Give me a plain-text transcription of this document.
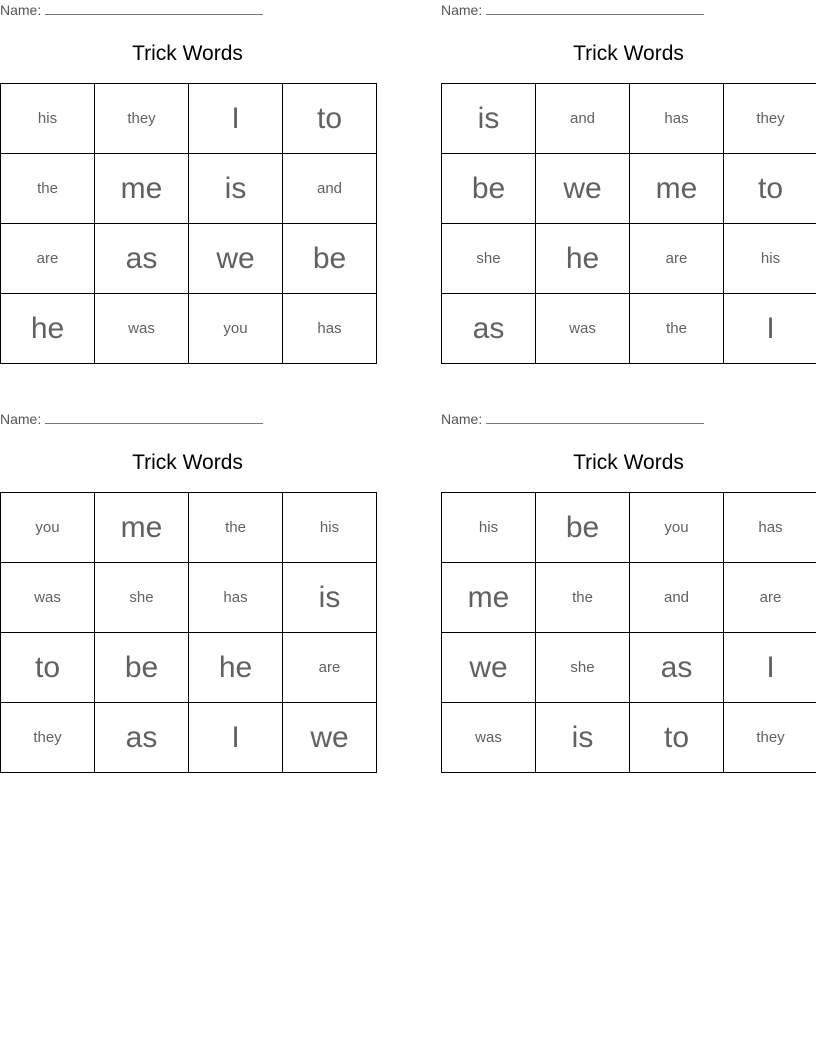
Name:
Trick Words
his	they	I	to
the	me	is	and
are	as	we	be
he	was	you	has
Name:
Trick Words
is	and	has	they
be	we	me	to
she	he	are	his
as	was	the	I
Name:
Trick Words
you	me	the	his
was	she	has	is
to	be	he	are
they	as	I	we
Name:
Trick Words
his	be	you	has
me	the	and	are
we	she	as	I
was	is	to	they
